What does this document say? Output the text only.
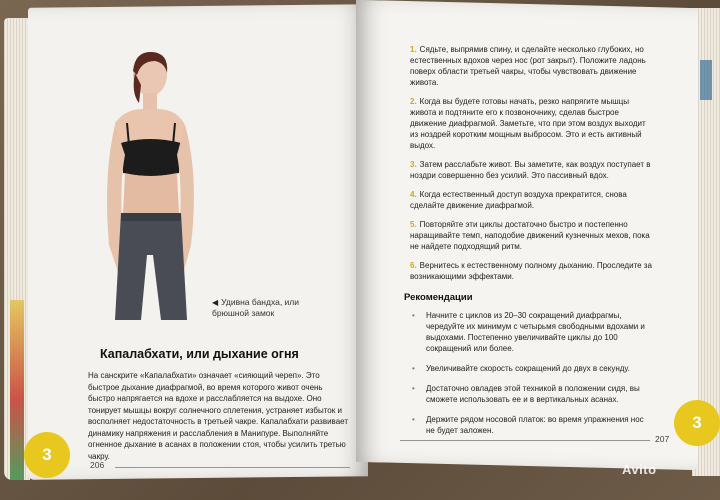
◀ Удивна бандха, или
брюшной замок
Капалабхати, или дыхание огня
На санскрите «Капалабхати» означает «сияющий череп». Это быстрое дыхание диафрагмой, во время которого живот очень быстро напрягается на вдохе и расслабляется на выдохе. Оно тонирует мышцы вокруг солнечного сплетения, устраняет избыток и восполняет недостаточность в третьей чакре. Капалабхати развивает динамику напряжения и расслабления в Манипуре. Выполняйте огненное дыхание в асанах в положении стоя, чтобы усилить третью чакру.
3
206
1. Сядьте, выпрямив спину, и сделайте несколько глубоких, но естественных вдохов через нос (рот закрыт). Положите ладонь поверх области третьей чакры, чтобы чувствовать движение живота.
2. Когда вы будете готовы начать, резко напрягите мышцы живота и подтяните его к позвоночнику, сделав быстрое движение диафрагмой. Заметьте, что при этом воздух выходит из ноздрей коротким мощным выбросом. Это и есть активный выдох.
3. Затем расслабьте живот. Вы заметите, как воздух поступает в ноздри совершенно без усилий. Это пассивный вдох.
4. Когда естественный доступ воздуха прекратится, снова сделайте движение диафрагмой.
5. Повторяйте эти циклы достаточно быстро и постепенно наращивайте темп, наподобие движений кузнечных мехов, пока не найдете подходящий ритм.
6. Вернитесь к естественному полному дыханию. Проследите за возникающими эффектами.
Рекомендации
• Начните с циклов из 20–30 сокращений диафрагмы, чередуйте их минимум с четырьмя свободными вдохами и выдохами. Постепенно увеличивайте циклы до 100 сокращений или более.
• Увеличивайте скорость сокращений до двух в секунду.
• Достаточно овладев этой техникой в положении сидя, вы сможете использовать ее и в вертикальных асанах.
• Держите рядом носовой платок: во время упражнения нос не будет заложен.
207
3
Avito
